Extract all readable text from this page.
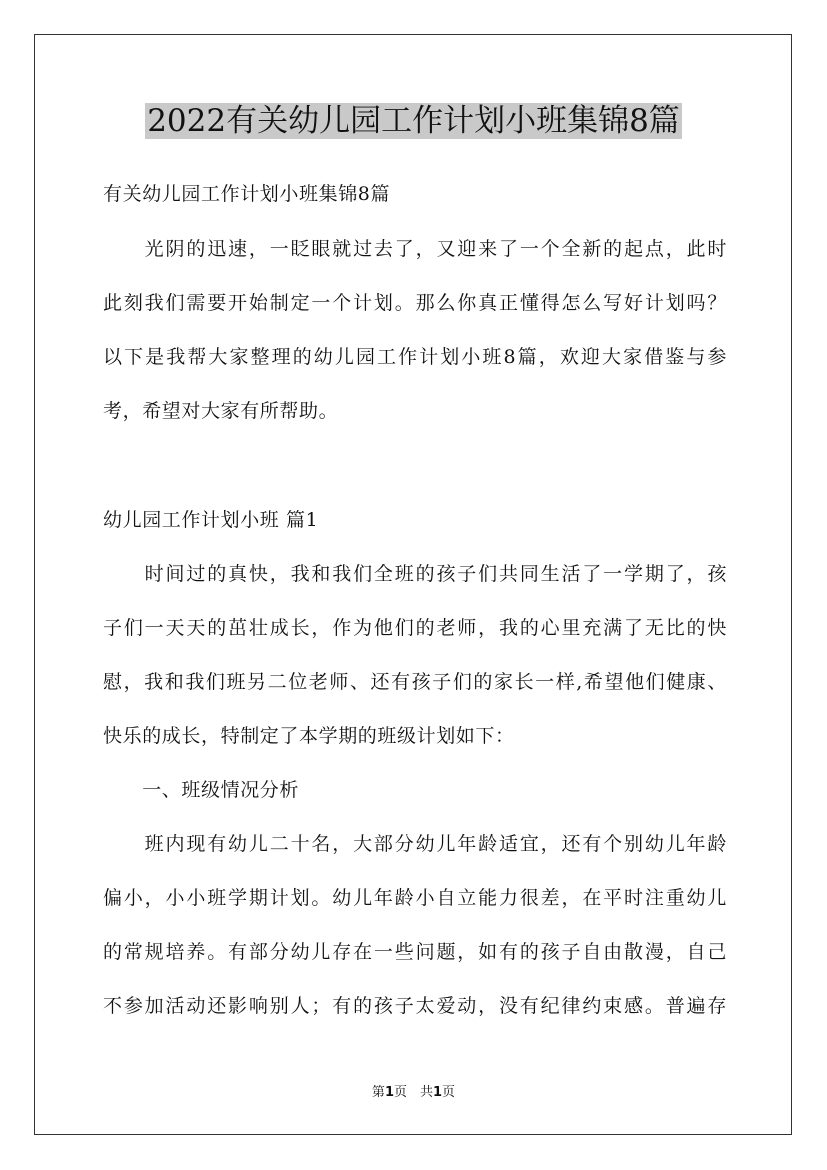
2022有关幼儿园工作计划小班集锦8篇
有关幼儿园工作计划小班集锦8篇
　　光阴的迅速，一眨眼就过去了，又迎来了一个全新的起点，此时
此刻我们需要开始制定一个计划。那么你真正懂得怎么写好计划吗？
以下是我帮大家整理的幼儿园工作计划小班8篇，欢迎大家借鉴与参
考，希望对大家有所帮助。
幼儿园工作计划小班 篇1
　　时间过的真快，我和我们全班的孩子们共同生活了一学期了，孩
子们一天天的茁壮成长，作为他们的老师，我的心里充满了无比的快
慰，我和我们班另二位老师、还有孩子们的家长一样,希望他们健康、
快乐的成长，特制定了本学期的班级计划如下：
　　一、班级情况分析
　　班内现有幼儿二十名，大部分幼儿年龄适宜，还有个别幼儿年龄
偏小，小小班学期计划。幼儿年龄小自立能力很差，在平时注重幼儿
的常规培养。有部分幼儿存在一些问题，如有的孩子自由散漫，自己
不参加活动还影响别人；有的孩子太爱动，没有纪律约束感。普遍存
第1页　共1页
